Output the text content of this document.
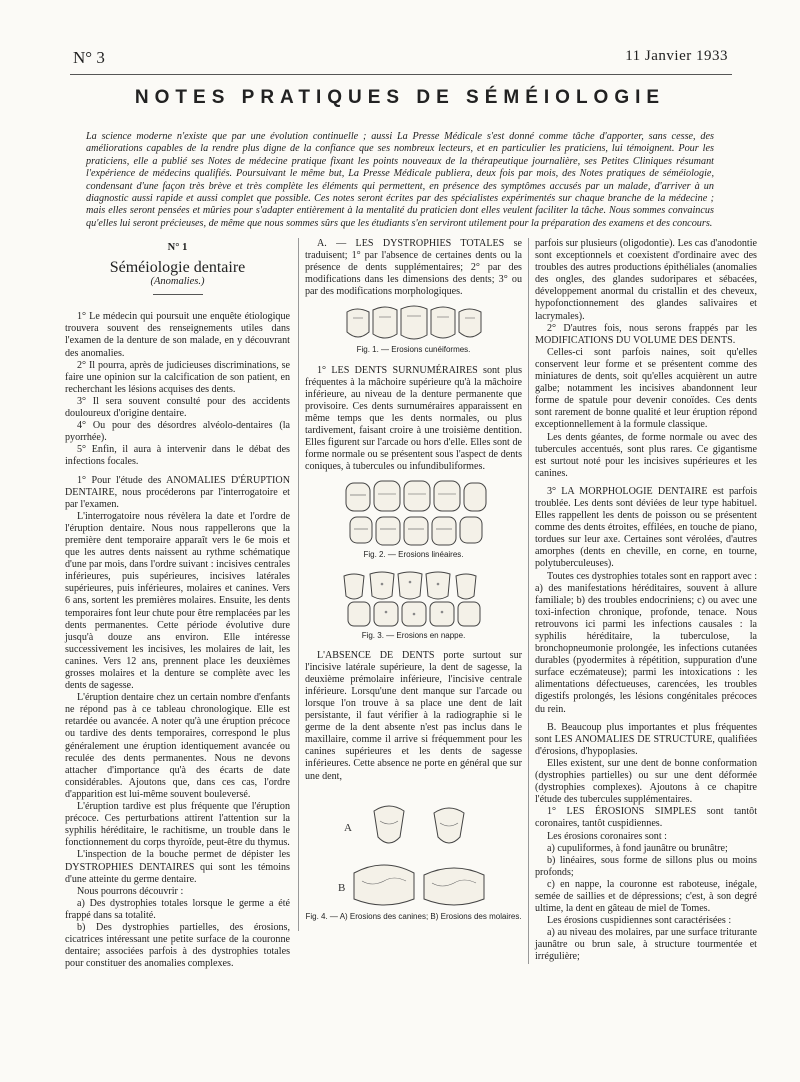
N° 3	11 Janvier 1933
NOTES PRATIQUES DE SÉMÉIOLOGIE

La science moderne n'existe que par une évolution continuelle ; aussi La Presse Médicale s'est donné comme tâche d'apporter, sans cesse, des améliorations capables de la rendre plus digne de la confiance que ses nombreux lecteurs, et en particulier les praticiens, lui témoignent. Pour les praticiens, elle a publié ses Notes de médecine pratique fixant les points nouveaux de la thérapeutique journalière, ses Petites Cliniques résumant l'expérience de médecins qualifiés. Poursuivant le même but, La Presse Médicale publiera, deux fois par mois, des Notes pratiques de séméiologie, condensant d'une façon très brève et très complète les éléments qui permettent, en présence des symptômes accusés par un malade, d'arriver à un diagnostic aussi rapide et aussi complet que possible. Ces notes seront écrites par des spécialistes expérimentés sur chaque branche de la médecine ; mais elles seront pensées et mûries pour s'adapter entièrement à la mentalité du praticien dont elles veulent faciliter la tâche. Nous sommes convaincus qu'elles lui seront précieuses, de même que nous sommes sûrs que les étudiants s'en serviront utilement pour la préparation des examens et des concours.

N° 1
Séméiologie dentaire
(Anomalies.)

1° Le médecin qui poursuit une enquête étiologique trouvera souvent des renseignements utiles dans l'examen de la denture de son malade, en y découvrant des anomalies.

2° Il pourra, après de judicieuses discriminations, se faire une opinion sur la calcification de son patient, en recherchant les lésions acquises des dents.

3° Il sera souvent consulté pour des accidents douloureux d'origine dentaire.

4° Ou pour des désordres alvéolo-dentaires (la pyorrhée).

5° Enfin, il aura à intervenir dans le débat des infections focales.

1° Pour l'étude des ANOMALIES D'ÉRUPTION DENTAIRE, nous procéderons par l'interrogatoire et par l'examen.

L'interrogatoire nous révèlera la date et l'ordre de l'éruption dentaire. Nous nous rappellerons que la première dent temporaire apparaît vers le 6e mois et que les autres dents naissent au rythme schématique d'une par mois, dans l'ordre suivant : incisives centrales inférieures, puis supérieures, incisives latérales supérieures, puis inférieures, molaires et canines. Vers 6 ans, sortent les premières molaires. Ensuite, les dents temporaires font leur chute pour être remplacées par les dents permanentes. Cette période évolutive dure jusqu'à douze ans environ. Elle intéresse successivement les incisives, les molaires de lait, les canines. Vers 12 ans, prennent place les deuxièmes grosses molaires et la denture se complète avec les dents de sagesse.

L'éruption dentaire chez un certain nombre d'enfants ne répond pas à ce tableau chronologique. Elle est retardée ou avancée. A noter qu'à une éruption précoce ou tardive des dents temporaires, correspond le plus généralement une éruption identiquement avancée ou reculée des dents permanentes. Nous ne devons attacher d'importance qu'à des écarts de date considérables. Ajoutons que, dans ces cas, l'ordre d'apparition est lui-même souvent bouleversé.

L'éruption tardive est plus fréquente que l'éruption précoce. Ces perturbations attirent l'attention sur la syphilis héréditaire, le rachitisme, un trouble dans le fonctionnement du corps thyroïde, peut-être du thymus.

L'inspection de la bouche permet de dépister les DYSTROPHIES DENTAIRES qui sont les témoins d'une atteinte du germe dentaire.

Nous pourrons découvrir :

a) Des dystrophies totales lorsque le germe a été frappé dans sa totalité.

b) Des dystrophies partielles, des érosions, cicatrices intéressant une petite surface de la couronne dentaire; associées parfois à des dystrophies totales pour constituer des anomalies complexes.

A. — LES DYSTROPHIES TOTALES se traduisent; 1° par l'absence de certaines dents ou la présence de dents supplémentaires; 2° par des modifications dans les dimensions des dents; 3° ou par des modifications morphologiques.

Fig. 1. — Erosions cunéiformes.

1° LES DENTS SURNUMÉRAIRES sont plus fréquentes à la mâchoire supérieure qu'à la mâchoire inférieure, au niveau de la denture permanente que provisoire. Ces dents surnuméraires apparaissent en même temps que les dents normales, ou plus tardivement, faisant croire à une troisième dentition. Elles figurent sur l'arcade ou hors d'elle. Elles sont de forme normale ou se présentent sous l'aspect de dents coniques, à tubercules ou infundibuliformes.

Fig. 2. — Erosions linéaires.
Fig. 3. — Erosions en nappe.

L'ABSENCE DE DENTS porte surtout sur l'incisive latérale supérieure, la dent de sagesse, la deuxième prémolaire inférieure, l'incisive centrale inférieure. Lorsqu'une dent manque sur l'arcade ou lorsque l'on trouve à sa place une dent de lait persistante, il faut vérifier à la radiographie si le germe de la dent absente n'est pas inclus dans le maxillaire, comme il arrive si fréquemment pour les canines supérieures et les dents de sagesse inférieures. Cette absence ne porte en général que sur une dent,

A
B
Fig. 4. — A) Erosions des canines; B) Erosions des molaires.

parfois sur plusieurs (oligodontie). Les cas d'anodontie sont exceptionnels et coexistent d'ordinaire avec des troubles des autres productions épithéliales (anomalies des ongles, des glandes sudoripares et sébacées, développement anormal du cristallin et des cheveux, hypofonctionnement des glandes salivaires et lacrymales).

2° D'autres fois, nous serons frappés par les MODIFICATIONS DU VOLUME DES DENTS.

Celles-ci sont parfois naines, soit qu'elles conservent leur forme et se présentent comme des miniatures de dents, soit qu'elles acquièrent un autre galbe; notamment les incisives abandonnent leur forme de spatule pour devenir conoïdes. Ces dents sont rarement de bonne qualité et leur éruption répond exceptionnellement à la formule classique.

Les dents géantes, de forme normale ou avec des tubercules accentués, sont plus rares. Ce gigantisme est surtout noté pour les incisives supérieures et les canines.

3° LA MORPHOLOGIE DENTAIRE est parfois troublée. Les dents sont déviées de leur type habituel. Elles rappellent les dents de poisson ou se présentent comme des dents étroites, effilées, en touche de piano, tordues sur leur axe. Certaines sont vérolées, d'autres amorphes (dents en cheville, en corne, en tourne, polytuberculeuses).

Toutes ces dystrophies totales sont en rapport avec : a) des manifestations héréditaires, souvent à allure familiale; b) des troubles endocriniens; c) ou avec une toxi-infection chronique, profonde, tenace. Nous retrouvons ici parmi les infections causales : la syphilis héréditaire, la tuberculose, la bronchopneumonie prolongée, les infections cutanées durables (pyodermites à répétition, suppuration d'une surface eczémateuse); parmi les intoxications : les alimentations défectueuses, carencées, les troubles digestifs prolongés, les lésions congénitales précoces du rein.

B. Beaucoup plus importantes et plus fréquentes sont LES ANOMALIES DE STRUCTURE, qualifiées d'érosions, d'hypoplasies.

Elles existent, sur une dent de bonne conformation (dystrophies partielles) ou sur une dent déformée (dystrophies complexes). Ajoutons à ce chapitre l'étude des tubercules supplémentaires.

1° LES ÉROSIONS SIMPLES sont tantôt coronaires, tantôt cuspidiennes.

Les érosions coronaires sont :

a) cupuliformes, à fond jaunâtre ou brunâtre;

b) linéaires, sous forme de sillons plus ou moins profonds;

c) en nappe, la couronne est raboteuse, inégale, semée de saillies et de dépressions; c'est, à son degré ultime, la dent en gâteau de miel de Tomes.

Les érosions cuspidiennes sont caractérisées :

a) au niveau des molaires, par une surface triturante jaunâtre ou brun sale, à structure tourmentée et irrégulière;
